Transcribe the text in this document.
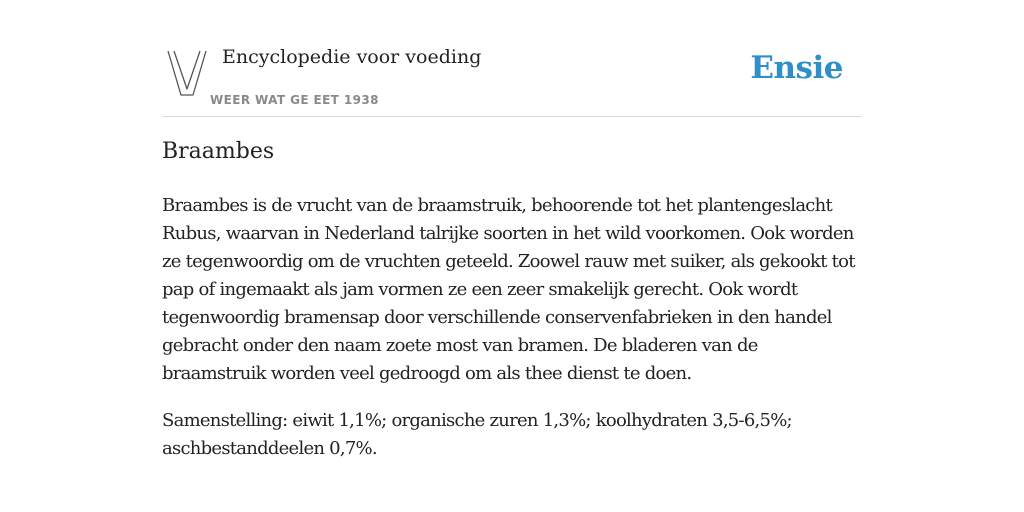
Encyclopedie voor voeding
WEER WAT GE EET 1938
Ensie
Braambes

Braambes is de vrucht van de braamstruik, behoorende tot het plantengeslacht Rubus, waarvan in Nederland talrijke soorten in het wild voorkomen. Ook worden ze tegenwoordig om de vruchten geteeld. Zoowel rauw met suiker, als gekookt tot pap of ingemaakt als jam vormen ze een zeer smakelijk gerecht. Ook wordt tegenwoordig bramensap door verschillende conservenfabrieken in den handel gebracht onder den naam zoete most van bramen. De bladeren van de braamstruik worden veel gedroogd om als thee dienst te doen.

Samenstelling: eiwit 1,1%; organische zuren 1,3%; koolhydraten 3,5-6,5%; aschbestanddeelen 0,7%.
